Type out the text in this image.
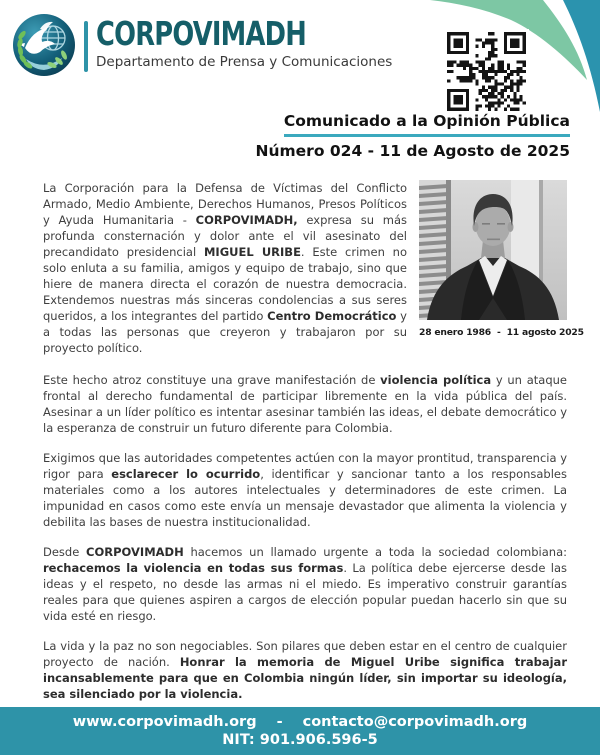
CORPOVIMADH
Departamento de Prensa y Comunicaciones
Comunicado a la Opinión Pública
Número 024 - 11 de Agosto de 2025

La Corporación para la Defensa de Víctimas del Conflicto Armado, Medio Ambiente, Derechos Humanos, Presos Políticos y Ayuda Humanitaria - CORPOVIMADH, expresa su más profunda consternación y dolor ante el vil asesinato del precandidato presidencial MIGUEL URIBE. Este crimen no solo enluta a su familia, amigos y equipo de trabajo, sino que hiere de manera directa el corazón de nuestra democracia. Extendemos nuestras más sinceras condolencias a sus seres queridos, a los integrantes del partido Centro Democrático y a todas las personas que creyeron y trabajaron por su proyecto político.

28 enero 1986  -  11 agosto 2025

Este hecho atroz constituye una grave manifestación de violencia política y un ataque frontal al derecho fundamental de participar libremente en la vida pública del país. Asesinar a un líder político es intentar asesinar también las ideas, el debate democrático y la esperanza de construir un futuro diferente para Colombia.

Exigimos que las autoridades competentes actúen con la mayor prontitud, transparencia y rigor para esclarecer lo ocurrido, identificar y sancionar tanto a los responsables materiales como a los autores intelectuales y determinadores de este crimen. La impunidad en casos como este envía un mensaje devastador que alimenta la violencia y debilita las bases de nuestra institucionalidad.

Desde CORPOVIMADH hacemos un llamado urgente a toda la sociedad colombiana: rechacemos la violencia en todas sus formas. La política debe ejercerse desde las ideas y el respeto, no desde las armas ni el miedo. Es imperativo construir garantías reales para que quienes aspiren a cargos de elección popular puedan hacerlo sin que su vida esté en riesgo.

La vida y la paz no son negociables. Son pilares que deben estar en el centro de cualquier proyecto de nación. Honrar la memoria de Miguel Uribe significa trabajar incansablemente para que en Colombia ningún líder, sin importar su ideología, sea silenciado por la violencia.

www.corpovimadh.org - contacto@corpovimadh.org
NIT: 901.906.596-5
